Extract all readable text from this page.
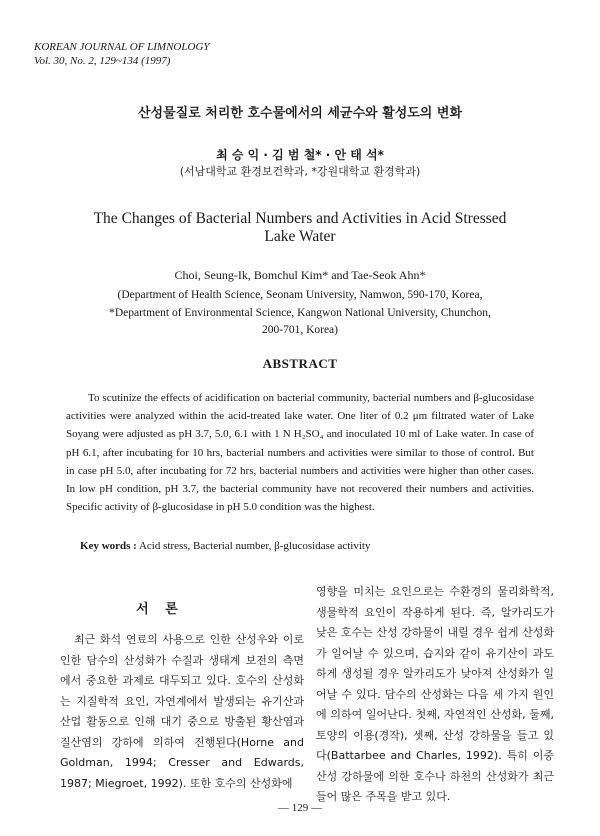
KOREAN JOURNAL OF LIMNOLOGY
Vol. 30, No. 2, 129~134 (1997)
산성물질로 처리한 호수물에서의 세균수와 활성도의 변화
최 승 익 · 김 범 철* · 안 태 석*
(서남대학교 환경보건학과, *강원대학교 환경학과)
The Changes of Bacterial Numbers and Activities in Acid Stressed
Lake Water
Choi, Seung-Ik, Bomchul Kim* and Tae-Seok Ahn*
(Department of Health Science, Seonam University, Namwon, 590-170, Korea,
*Department of Environmental Science, Kangwon National University, Chunchon,
200-701, Korea)
ABSTRACT
To scutinize the effects of acidification on bacterial community, bacterial numbers and β-glucosidase activities were analyzed within the acid-treated lake water. One liter of 0.2 μm filtrated water of Lake Soyang were adjusted as pH 3.7, 5.0, 6.1 with 1 N H₂SO₄ and inoculated 10 ml of Lake water. In case of pH 6.1, after incubating for 10 hrs, bacterial numbers and activities were similar to those of control. But in case pH 5.0, after incubating for 72 hrs, bacterial numbers and activities were higher than other cases. In low pH condition, pH 3.7, the bacterial community have not recovered their numbers and activities. Specific activity of β-glucosidase in pH 5.0 condition was the highest.
Key words : Acid stress, Bacterial number, β-glucosidase activity
서 론
최근 화석 연료의 사용으로 인한 산성우와 이로 인한 담수의 산성화가 수질과 생태계 보전의 측면에서 중요한 과제로 대두되고 있다. 호수의 산성화는 지질학적 요인, 자연계에서 발생되는 유기산과 산업 활동으로 인해 대기 중으로 방출된 황산염과 질산염의 강하에 의하여 진행된다(Horne and Goldman, 1994; Cresser and Edwards, 1987; Miegroet, 1992). 또한 호수의 산성화에
영향을 미치는 요인으로는 수환경의 물리화학적, 생물학적 요인이 작용하게 된다. 즉, 알카리도가 낮은 호수는 산성 강하물이 내릴 경우 쉽게 산성화가 일어날 수 있으며, 습지와 같이 유기산이 과도하게 생성될 경우 알카리도가 낮아져 산성화가 일어날 수 있다. 담수의 산성화는 다음 세 가지 원인에 의하여 일어난다. 첫째, 자연적인 산성화, 둘째, 토양의 이용(경작), 셋째, 산성 강하물을 들고 있다(Battarbee and Charles, 1992). 특히 이중 산성 강하물에 의한 호수나 하천의 산성화가 최근 들어 많은 주목을 받고 있다.
— 129 —
